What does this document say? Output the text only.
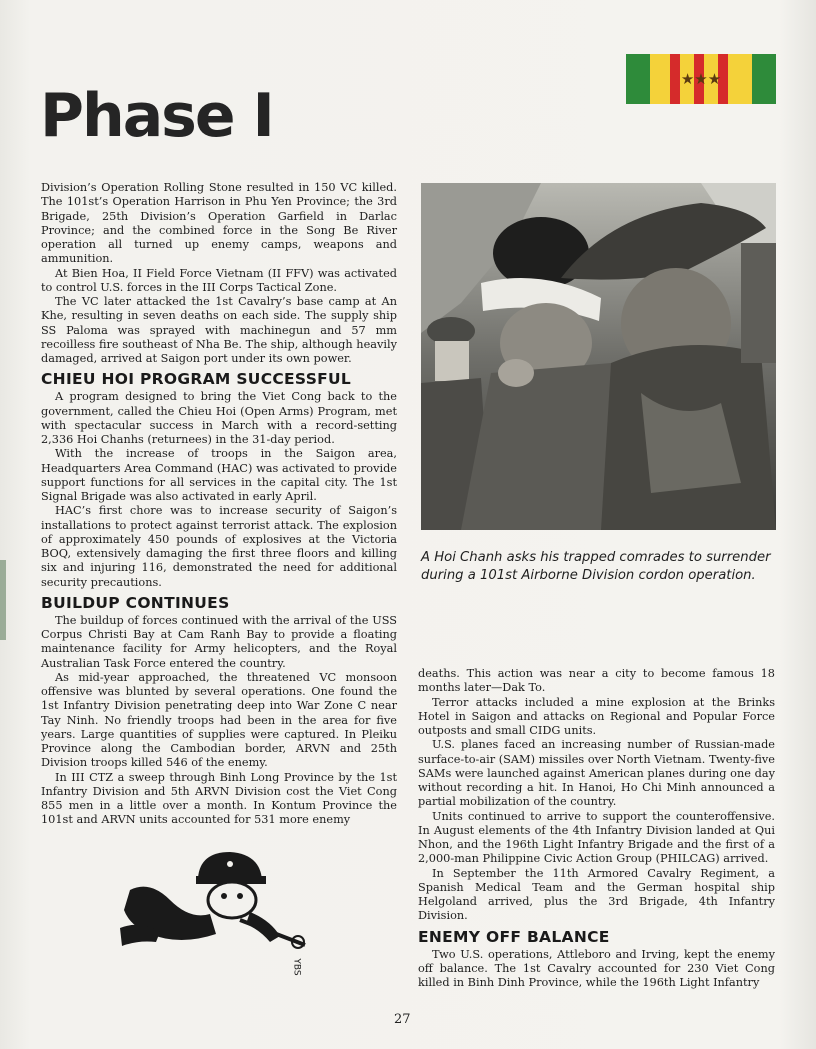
Phase I
★★★

Division’s Operation Rolling Stone resulted in 150 VC killed. The 101st’s Operation Harrison in Phu Yen Province; the 3rd Brigade, 25th Division’s Operation Garfield in Darlac Province; and the combined force in the Song Be River operation all turned up enemy camps, weapons and ammunition.

At Bien Hoa, II Field Force Vietnam (II FFV) was activated to control U.S. forces in the III Corps Tactical Zone.

The VC later attacked the 1st Cavalry’s base camp at An Khe, resulting in seven deaths on each side. The supply ship SS Paloma was sprayed with machinegun and 57 mm recoilless fire southeast of Nha Be. The ship, although heavily damaged, arrived at Saigon port under its own power.

CHIEU HOI PROGRAM SUCCESSFUL

A program designed to bring the Viet Cong back to the government, called the Chieu Hoi (Open Arms) Program, met with spectacular success in March with a record-setting 2,336 Hoi Chanhs (returnees) in the 31-day period.

With the increase of troops in the Saigon area, Headquarters Area Command (HAC) was activated to provide support functions for all services in the capital city. The 1st Signal Brigade was also activated in early April.

HAC’s first chore was to increase security of Saigon’s installations to protect against terrorist attack. The explosion of approximately 450 pounds of explosives at the Victoria BOQ, extensively damaging the first three floors and killing six and injuring 116, demonstrated the need for additional security precautions.

BUILDUP CONTINUES

The buildup of forces continued with the arrival of the USS Corpus Christi Bay at Cam Ranh Bay to provide a floating maintenance facility for Army helicopters, and the Royal Australian Task Force entered the country.

As mid-year approached, the threatened VC monsoon offensive was blunted by several operations. One found the 1st Infantry Division penetrating deep into War Zone C near Tay Ninh. No friendly troops had been in the area for five years. Large quantities of supplies were captured. In Pleiku Province along the Cambodian border, ARVN and 25th Division troops killed 546 of the enemy.

In III CTZ a sweep through Binh Long Province by the 1st Infantry Division and 5th ARVN Division cost the Viet Cong 855 men in a little over a month. In Kontum Province the 101st and ARVN units accounted for 531 more enemy

A Hoi Chanh asks his trapped comrades to surrender during a 101st Airborne Division cordon operation.

deaths. This action was near a city to become famous 18 months later—Dak To.

Terror attacks included a mine explosion at the Brinks Hotel in Saigon and attacks on Regional and Popular Force outposts and small CIDG units.

U.S. planes faced an increasing number of Russian-made surface-to-air (SAM) missiles over North Vietnam. Twenty-five SAMs were launched against American planes during one day without recording a hit. In Hanoi, Ho Chi Minh announced a partial mobilization of the country.

Units continued to arrive to support the counteroffensive. In August elements of the 4th Infantry Division landed at Qui Nhon, and the 196th Light Infantry Brigade and the first of a 2,000-man Philippine Civic Action Group (PHILCAG) arrived.

In September the 11th Armored Cavalry Regiment, a Spanish Medical Team and the German hospital ship Helgoland arrived, plus the 3rd Brigade, 4th Infantry Division.

ENEMY OFF BALANCE

Two U.S. operations, Attleboro and Irving, kept the enemy off balance. The 1st Cavalry accounted for 230 Viet Cong killed in Binh Dinh Province, while the 196th Light Infantry

YBS
27
